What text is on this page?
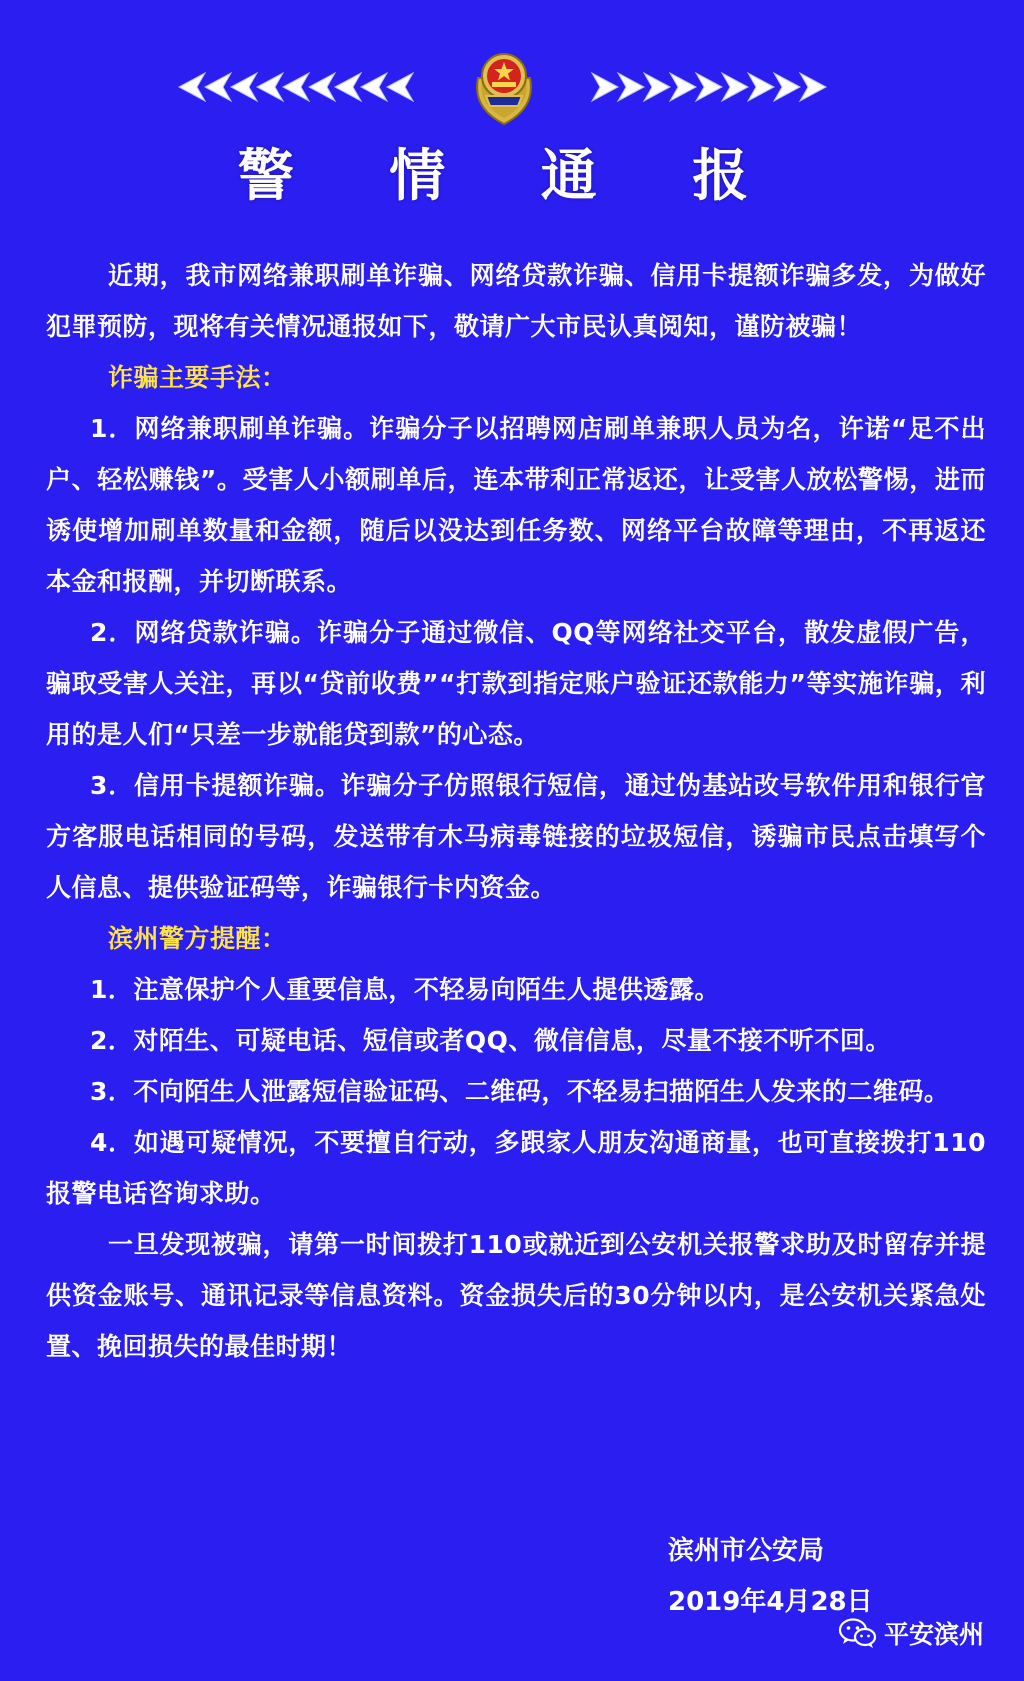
警 情 通 报

近期，我市网络兼职刷单诈骗、网络贷款诈骗、信用卡提额诈骗多发，为做好犯罪预防，现将有关情况通报如下，敬请广大市民认真阅知，谨防被骗！

诈骗主要手法：

1．网络兼职刷单诈骗。诈骗分子以招聘网店刷单兼职人员为名，许诺“足不出户、轻松赚钱”。受害人小额刷单后，连本带利正常返还，让受害人放松警惕，进而诱使增加刷单数量和金额，随后以没达到任务数、网络平台故障等理由，不再返还本金和报酬，并切断联系。

2．网络贷款诈骗。诈骗分子通过微信、QQ等网络社交平台，散发虚假广告，骗取受害人关注，再以“贷前收费”“打款到指定账户验证还款能力”等实施诈骗，利用的是人们“只差一步就能贷到款”的心态。

3．信用卡提额诈骗。诈骗分子仿照银行短信，通过伪基站改号软件用和银行官方客服电话相同的号码，发送带有木马病毒链接的垃圾短信，诱骗市民点击填写个人信息、提供验证码等，诈骗银行卡内资金。

滨州警方提醒：

1．注意保护个人重要信息，不轻易向陌生人提供透露。

2．对陌生、可疑电话、短信或者QQ、微信信息，尽量不接不听不回。

3．不向陌生人泄露短信验证码、二维码，不轻易扫描陌生人发来的二维码。

4．如遇可疑情况，不要擅自行动，多跟家人朋友沟通商量，也可直接拨打110报警电话咨询求助。

一旦发现被骗，请第一时间拨打110或就近到公安机关报警求助及时留存并提供资金账号、通讯记录等信息资料。资金损失后的30分钟以内，是公安机关紧急处置、挽回损失的最佳时期！

滨州市公安局

2019年4月28日

平安滨州
